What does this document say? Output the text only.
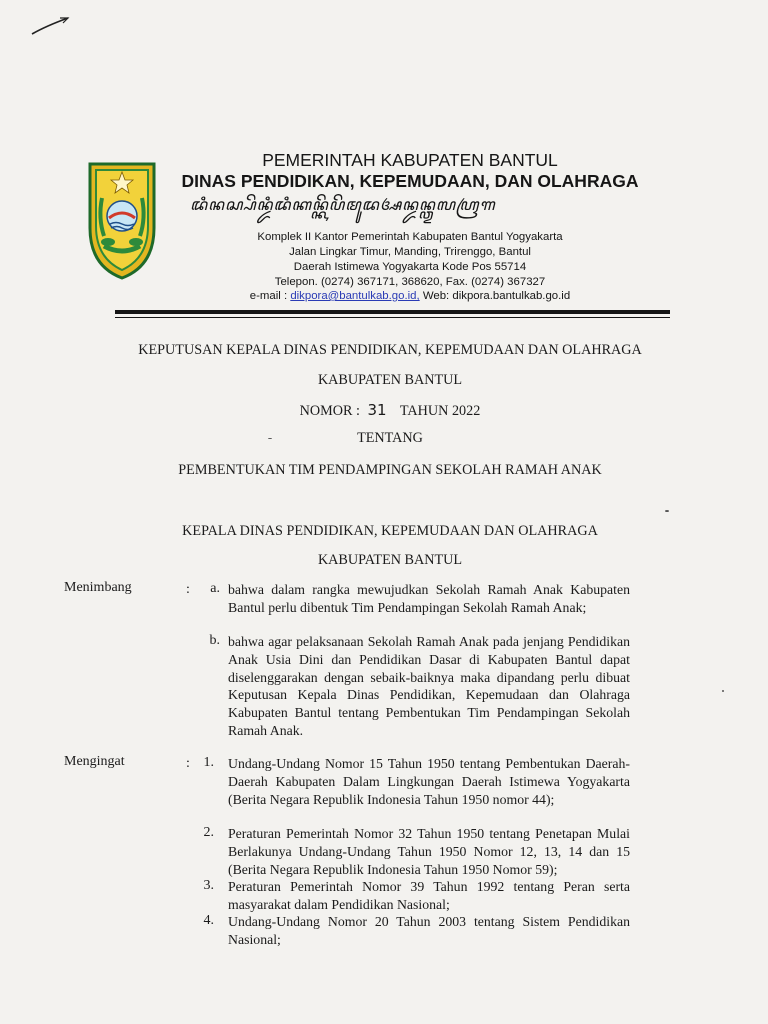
PEMERINTAH KABUPATEN BANTUL
DINAS PENDIDIKAN, KEPEMUDAAN, DAN OLAHRAGA
ꦢꦶꦤꦱ꧀ꦥꦼꦤ꧀ꦢꦶꦢꦶꦏꦤ꧀ꦏꦼꦥꦼꦩꦸꦢꦄꦤ꧀ꦢꦤ꧀ꦎꦭꦲꦿꦒ
Komplek II Kantor Pemerintah Kabupaten Bantul Yogyakarta
Jalan Lingkar Timur, Manding, Trirenggo, Bantul
Daerah Istimewa Yogyakarta Kode Pos 55714
Telepon. (0274) 367171, 368620, Fax. (0274) 367327
e-mail : dikpora@bantulkab.go.id, Web: dikpora.bantulkab.go.id
KEPUTUSAN KEPALA DINAS PENDIDIKAN, KEPEMUDAAN DAN OLAHRAGA
KABUPATEN BANTUL
NOMOR : 31 TAHUN 2022
TENTANG
PEMBENTUKAN TIM PENDAMPINGAN SEKOLAH RAMAH ANAK
KEPALA DINAS PENDIDIKAN, KEPEMUDAAN DAN OLAHRAGA
KABUPATEN BANTUL
Menimbang	:	a. bahwa dalam rangka mewujudkan Sekolah Ramah Anak Kabupaten Bantul perlu dibentuk Tim Pendampingan Sekolah Ramah Anak;
b. bahwa agar pelaksanaan Sekolah Ramah Anak pada jenjang Pendidikan Anak Usia Dini dan Pendidikan Dasar di Kabupaten Bantul dapat diselenggarakan dengan sebaik-baiknya maka dipandang perlu dibuat Keputusan Kepala Dinas Pendidikan, Kepemudaan dan Olahraga Kabupaten Bantul tentang Pembentukan Tim Pendampingan Sekolah Ramah Anak.
Mengingat	: 1. Undang-Undang Nomor 15 Tahun 1950 tentang Pembentukan Daerah-Daerah Kabupaten Dalam Lingkungan Daerah Istimewa Yogyakarta (Berita Negara Republik Indonesia Tahun 1950 nomor 44);
2. Peraturan Pemerintah Nomor 32 Tahun 1950 tentang Penetapan Mulai Berlakunya Undang-Undang Tahun 1950 Nomor 12, 13, 14 dan 15 (Berita Negara Republik Indonesia Tahun 1950 Nomor 59);
3. Peraturan Pemerintah Nomor 39 Tahun 1992 tentang Peran serta masyarakat dalam Pendidikan Nasional;
4. Undang-Undang Nomor 20 Tahun 2003 tentang Sistem Pendidikan Nasional;
